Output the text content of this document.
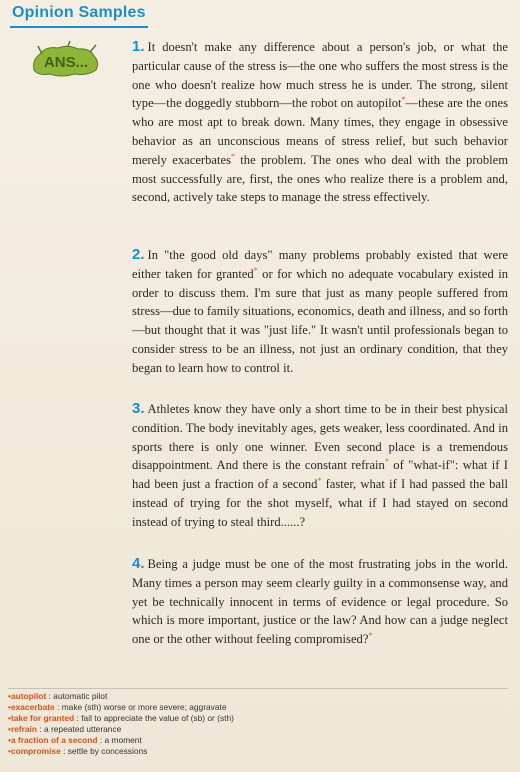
Opinion Samples
ANS...
1. It doesn't make any difference about a person's job, or what the particular cause of the stress is—the one who suffers the most stress is the one who doesn't realize how much stress he is under. The strong, silent type—the doggedly stubborn—the robot on autopilot*—these are the ones who are most apt to break down. Many times, they engage in obsessive behavior as an unconscious means of stress relief, but such behavior merely exacerbates* the problem. The ones who deal with the problem most successfully are, first, the ones who realize there is a problem and, second, actively take steps to manage the stress effectively.
2. In "the good old days" many problems probably existed that were either taken for granted* or for which no adequate vocabulary existed in order to discuss them. I'm sure that just as many people suffered from stress—due to family situations, economics, death and illness, and so forth—but thought that it was "just life." It wasn't until professionals began to consider stress to be an illness, not just an ordinary condition, that they began to learn how to control it.
3. Athletes know they have only a short time to be in their best physical condition. The body inevitably ages, gets weaker, less coordinated. And in sports there is only one winner. Even second place is a tremendous disappointment. And there is the constant refrain* of "what-if": what if I had been just a fraction of a second* faster, what if I had passed the ball instead of trying for the shot myself, what if I had stayed on second instead of trying to steal third......?
4. Being a judge must be one of the most frustrating jobs in the world. Many times a person may seem clearly guilty in a commonsense way, and yet be technically innocent in terms of evidence or legal procedure. So which is more important, justice or the law? And how can a judge neglect one or the other without feeling compromised?*
•autopilot : automatic pilot
•exacerbate : make (sth) worse or more severe; aggravate
•take for granted : fail to appreciate the value of (sb) or (sth)
•refrain : a repeated utterance
•a fraction of a second : a moment
•compromise : settle by concessions
